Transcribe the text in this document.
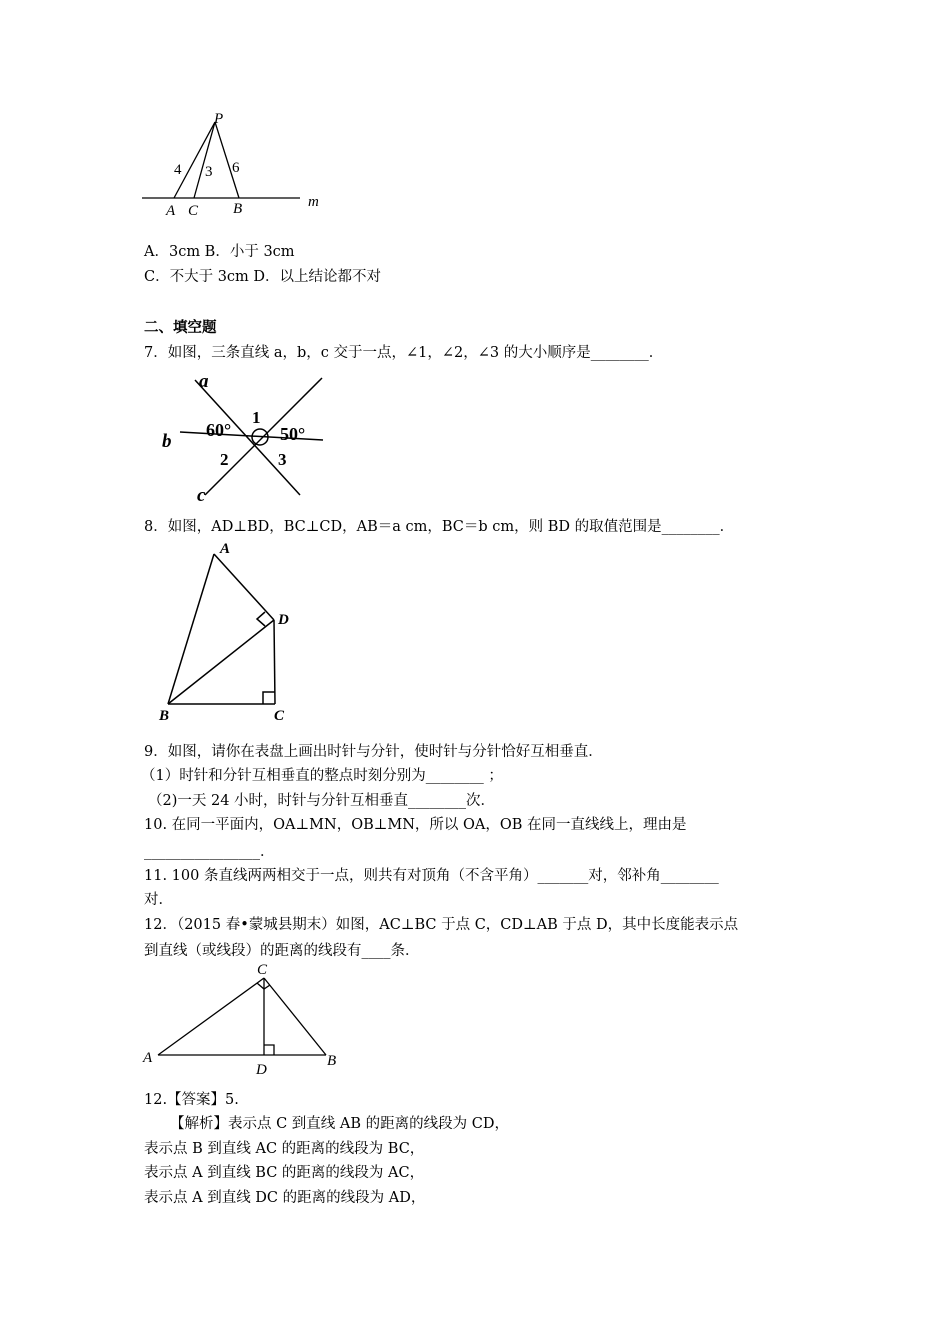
P
4 3 6
A C B	m
A．3cm B．小于 3cm
C．不大于 3cm D．以上结论都不对
二、填空题
7．如图，三条直线 a，b，c 交于一点，∠1，∠2，∠3 的大小顺序是________．
a
b
c
60°	50°
1
2	3
8．如图，AD⊥BD，BC⊥CD，AB＝a cm，BC＝b cm，则 BD 的取值范围是________．
A
D
B	C
9．如图，请你在表盘上画出时针与分针，使时针与分针恰好互相垂直．
（1）时针和分针互相垂直的整点时刻分别为________ ；
（2)一天 24 小时，时针与分针互相垂直________次．
10. 在同一平面内，OA⊥MN，OB⊥MN，所以 OA，OB 在同一直线线上，理由是
________________．
11. 100 条直线两两相交于一点，则共有对顶角（不含平角）_______对，邻补角________
对．
12．（2015 春•蒙城县期末）如图，AC⊥BC 于点 C，CD⊥AB 于点 D，其中长度能表示点
到直线（或线段）的距离的线段有____条．
C
A	B
D
12.【答案】5.
【解析】表示点 C 到直线 AB 的距离的线段为 CD，
表示点 B 到直线 AC 的距离的线段为 BC，
表示点 A 到直线 BC 的距离的线段为 AC，
表示点 A 到直线 DC 的距离的线段为 AD，
